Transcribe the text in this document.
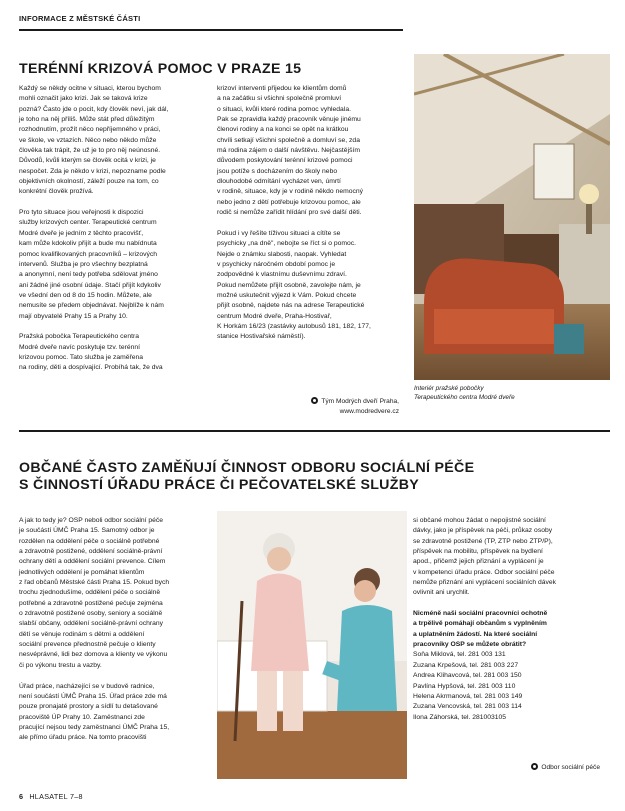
INFORMACE Z MĚSTSKÉ ČÁSTI
TERÉNNÍ KRIZOVÁ POMOC V PRAZE 15

Každý se někdy ocitne v situaci, kterou bychom
mohli označit jako krizi. Jak se taková krize
pozná? Často jde o pocit, kdy člověk neví, jak dál,
je toho na něj příliš. Může stát před důležitým
rozhodnutím, prožít něco nepříjemného v práci,
ve škole, ve vztazích. Něco nebo někdo může
člověka tak trápit, že už je to pro něj neúnosné.
Důvodů, kvůli kterým se člověk ocitá v krizi, je
nespočet. Zda je někdo v krizi, nepozname podle
objektivních okolností, záleží pouze na tom, co
konkrétní člověk prožívá.

Pro tyto situace jsou veřejnosti k dispozici
služby krizových center. Terapeutické centrum
Modré dveře je jedním z těchto pracovišť,
kam může kdokoliv přijít a bude mu nabídnuta
pomoc kvalifikovaných pracovníků – krizových
intervenů. Služba je pro všechny bezplatná
a anonymní, není tedy potřeba sdělovat jméno
ani žádné jiné osobní údaje. Stačí přijít kdykoliv
ve všední den od 8 do 15 hodin. Můžete, ale
nemusíte se předem objednávat. Nejblíže k nám
mají obyvatelé Prahy 15 a Prahy 10.

Pražská pobočka Terapeutického centra
Modré dveře navíc poskytuje tzv. terénní
krizovou pomoc. Tato služba je zaměřena
na rodiny, děti a dospívající. Probíhá tak, že dva

krizoví interventi přijedou ke klientům domů
a na začátku si všichni společně promluví
o situaci, kvůli které rodina pomoc vyhledala.
Pak se zpravidla každý pracovník věnuje jinému
členovi rodiny a na konci se opět na krátkou
chvíli setkají všichni společně a domluví se, zda
má rodina zájem o další návštěvu. Nejčastějším
důvodem poskytování terénní krizové pomoci
jsou potíže s docházením do školy nebo
dlouhodobé odmítání vycházet ven, úmrtí
v rodině, situace, kdy je v rodině někdo nemocný
nebo jedno z dětí potřebuje krizovou pomoc, ale
rodič si nemůže zařídit hlídání pro své další děti.

Pokud i vy řešíte tíživou situaci a cítíte se
psychicky „na dně", nebojte se říct si o pomoc.
Nejde o známku slabosti, naopak. Vyhledat
v psychicky náročném období pomoc je
zodpovědné k vlastnímu duševnímu zdraví.
Pokud nemůžete přijít osobně, zavolejte nám, je
možné uskutečnit výjezd k Vám. Pokud chcete
přijít osobně, najdete nás na adrese Terapeutické
centrum Modré dveře, Praha-Hostivař,
K Horkám 16/23 (zastávky autobusů 181, 182, 177,
stanice Hostivařské náměstí).

Tým Modrých dveří Praha,
www.modredvere.cz
Interiér pražské pobočky
Terapeutického centra Modré dveře
OBČANÉ ČASTO ZAMĚŇUJÍ ČINNOST ODBORU SOCIÁLNÍ PÉČE
S ČINNOSTÍ ÚŘADU PRÁCE ČI PEČOVATELSKÉ SLUŽBY

A jak to tedy je? OSP neboli odbor sociální péče
je součástí ÚMČ Praha 15. Samotný odbor je
rozdělen na oddělení péče o sociálně potřebné
a zdravotně postižené, oddělení sociálně-právní
ochrany dětí a oddělení sociální prevence. Cílem
jednotlivých oddělení je pomáhat klientům
z řad občanů Městské části Praha 15. Pokud bych
trochu zjednodušíme, oddělení péče o sociálně
potřebné a zdravotně postižené pečuje zejména
o zdravotně postižené osoby, seniory a sociálně
slabší občany, oddělení sociálně-právní ochrany
dětí se věnuje rodinám s dětmi a oddělení
sociální prevence přednostně pečuje o klienty
nesvéprávné, lidi bez domova a klienty ve výkonu
či po výkonu trestu a vazby.

Úřad práce, nacházející se v budově radnice,
není součástí ÚMČ Praha 15. Úřad práce zde má
pouze pronajaté prostory a sídlí tu detašované
pracoviště ÚP Prahy 10. Zaměstnanci zde
pracující nejsou tedy zaměstnanci ÚMČ Praha 15,
ale přímo úřadu práce. Na tomto pracovišti

si občané mohou žádat o nepojistné sociální
dávky, jako je příspěvek na péči, průkaz osoby
se zdravotně postižené (TP, ZTP nebo ZTP/P),
příspěvek na mobilitu, příspěvek na bydlení
apod., přičemž jejich přiznání a vyplácení je
v kompetenci úřadu práce. Odbor sociální péče
nemůže přiznání ani vyplácení sociálních dávek
ovlivnit ani urychlit.

Nicméně naši sociální pracovníci ochotně
a trpělivě pomáhají občanům s vyplněním
a uplatněním žádostí. Na které sociální
pracovníky OSP se můžete obrátit?

Soňa Miklová, tel. 281 003 131
Zuzana Krpešová, tel. 281 003 227
Andrea Klihavcová, tel. 281 003 150
Pavlína Hypšová, tel. 281 003 110
Helena Akrmanová, tel. 281 003 149
Zuzana Vencovská, tel. 281 003 114
Ilona Záhorská, tel. 281003105
Odbor sociální péče
6 HLASATEL 7–8
